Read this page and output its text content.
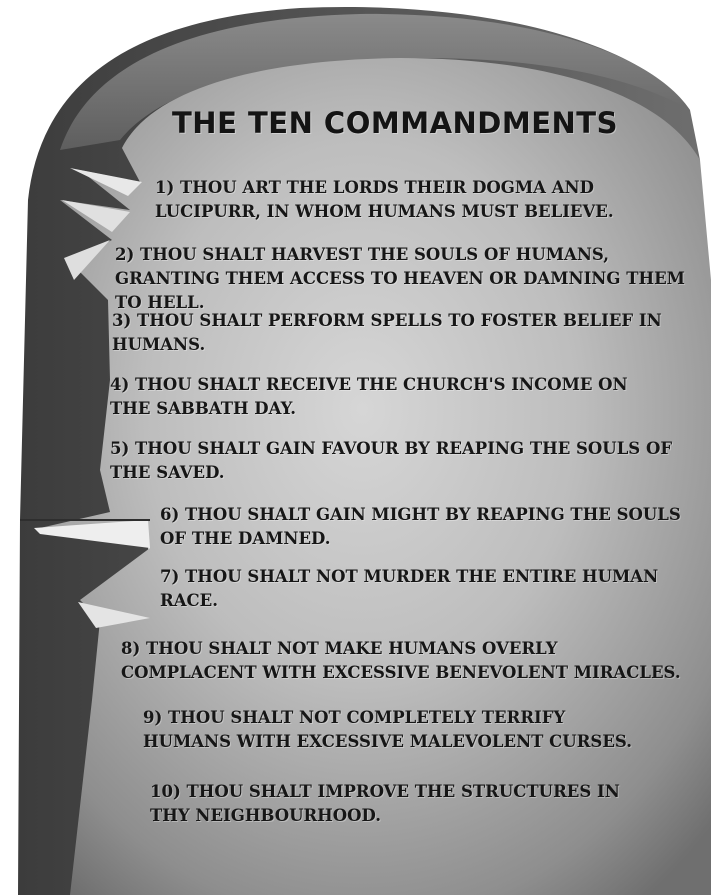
THE TEN COMMANDMENTS

1) THOU ART THE LORDS THEIR DOGMA AND LUCIPURR, IN WHOM HUMANS MUST BELIEVE.

2) THOU SHALT HARVEST THE SOULS OF HUMANS, GRANTING THEM ACCESS TO HEAVEN OR DAMNING THEM TO HELL.

3) THOU SHALT PERFORM SPELLS TO FOSTER BELIEF IN HUMANS.

4) THOU SHALT RECEIVE THE CHURCH'S INCOME ON THE SABBATH DAY.

5) THOU SHALT GAIN FAVOUR BY REAPING THE SOULS OF THE SAVED.

6) THOU SHALT GAIN MIGHT BY REAPING THE SOULS OF THE DAMNED.

7) THOU SHALT NOT MURDER THE ENTIRE HUMAN RACE.

8) THOU SHALT NOT MAKE HUMANS OVERLY COMPLACENT WITH EXCESSIVE BENEVOLENT MIRACLES.

9) THOU SHALT NOT COMPLETELY TERRIFY HUMANS WITH EXCESSIVE MALEVOLENT CURSES.

10) THOU SHALT IMPROVE THE STRUCTURES IN THY NEIGHBOURHOOD.
